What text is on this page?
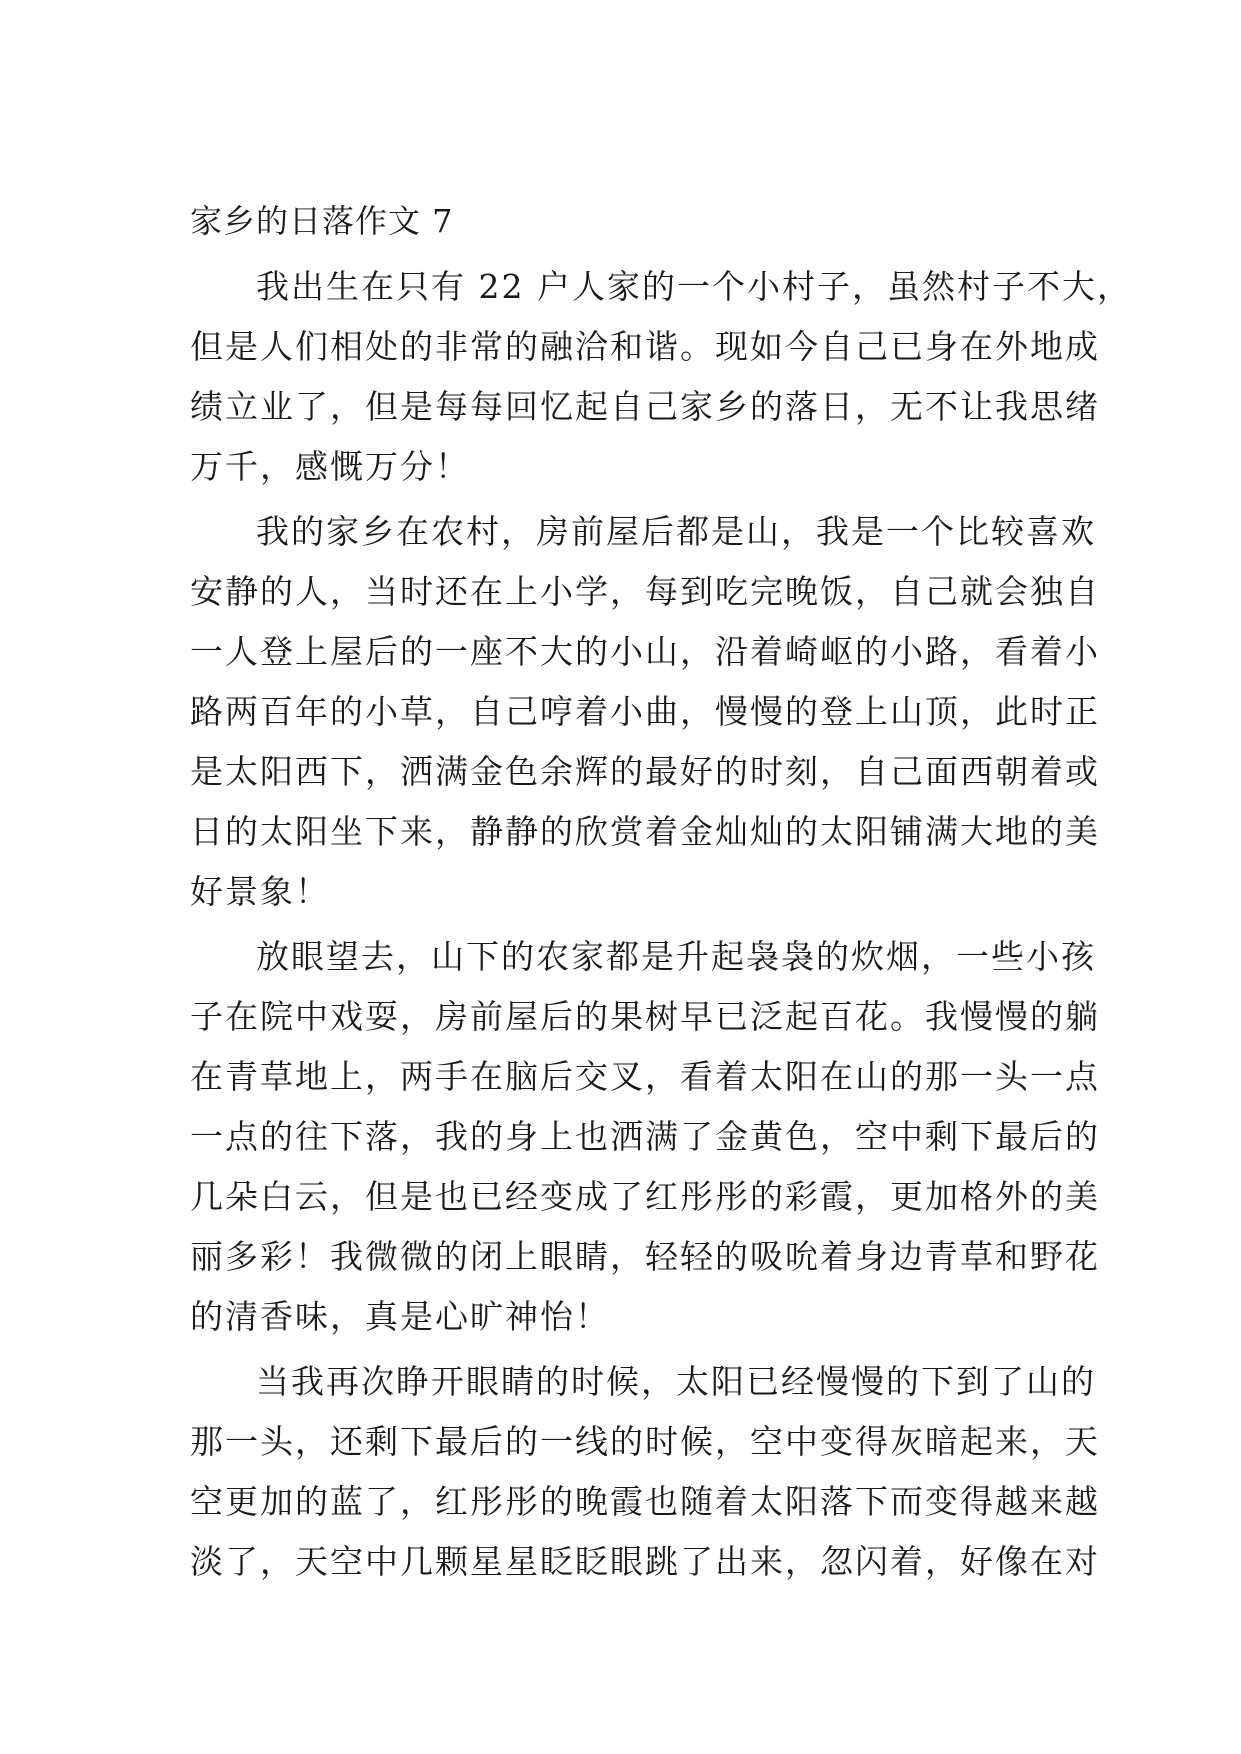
家乡的日落作文 7
我出生在只有 22 户人家的一个小村子，虽然村子不大，
但是人们相处的非常的融洽和谐。现如今自己已身在外地成
绩立业了，但是每每回忆起自己家乡的落日，无不让我思绪
万千，感慨万分！
我的家乡在农村，房前屋后都是山，我是一个比较喜欢
安静的人，当时还在上小学，每到吃完晚饭，自己就会独自
一人登上屋后的一座不大的小山，沿着崎岖的小路，看着小
路两百年的小草，自己哼着小曲，慢慢的登上山顶，此时正
是太阳西下，洒满金色余辉的最好的时刻，自己面西朝着或
日的太阳坐下来，静静的欣赏着金灿灿的太阳铺满大地的美
好景象！
放眼望去，山下的农家都是升起袅袅的炊烟，一些小孩
子在院中戏耍，房前屋后的果树早已泛起百花。我慢慢的躺
在青草地上，两手在脑后交叉，看着太阳在山的那一头一点
一点的往下落，我的身上也洒满了金黄色，空中剩下最后的
几朵白云，但是也已经变成了红彤彤的彩霞，更加格外的美
丽多彩！我微微的闭上眼睛，轻轻的吸吮着身边青草和野花
的清香味，真是心旷神怡！
当我再次睁开眼睛的时候，太阳已经慢慢的下到了山的
那一头，还剩下最后的一线的时候，空中变得灰暗起来，天
空更加的蓝了，红彤彤的晚霞也随着太阳落下而变得越来越
淡了，天空中几颗星星眨眨眼跳了出来，忽闪着，好像在对
